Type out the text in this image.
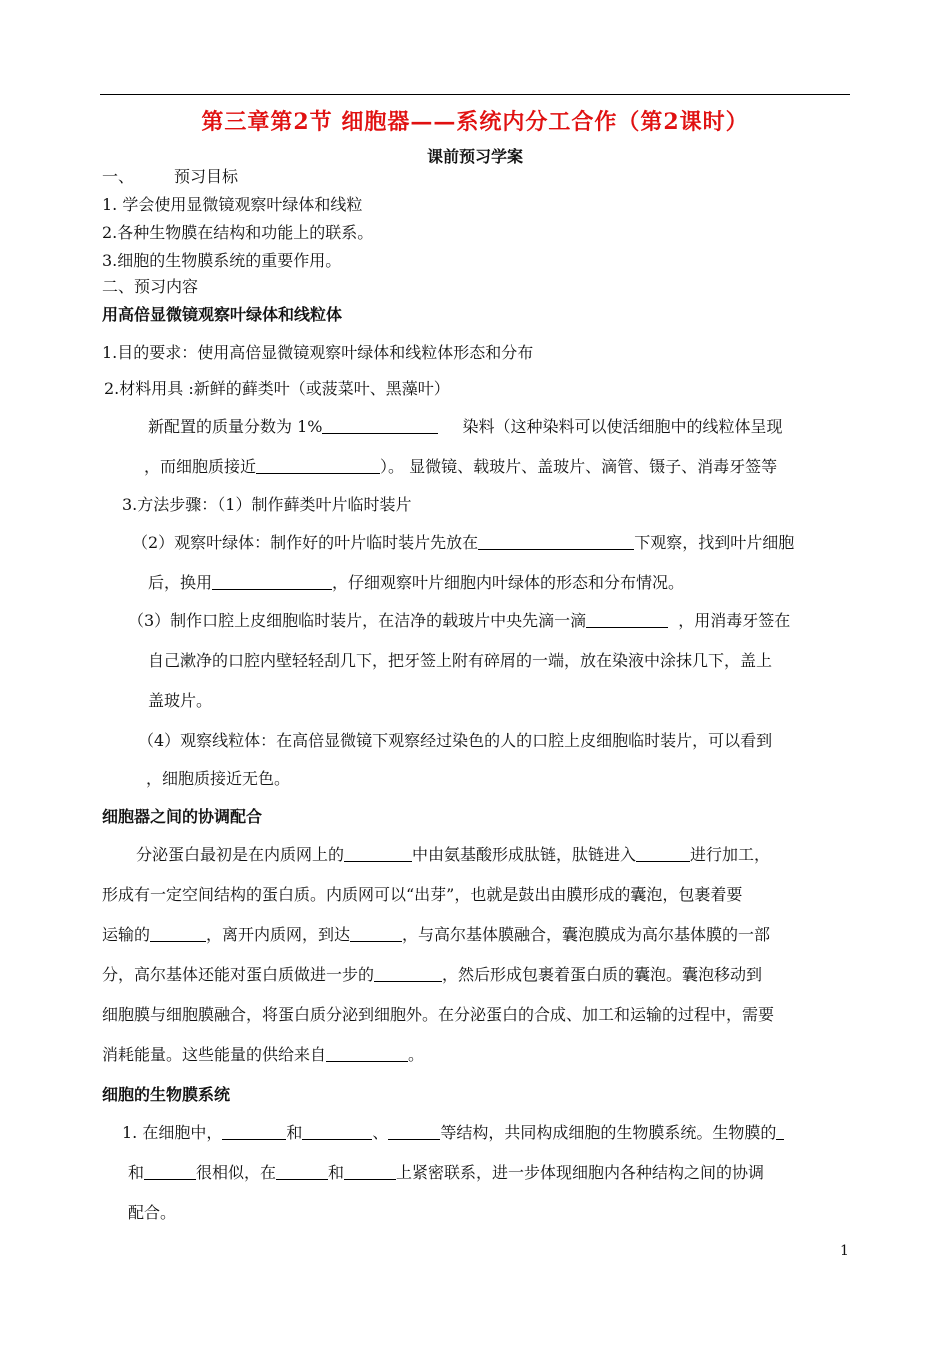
第三章第2节 细胞器——系统内分工合作（第2课时）
课前预习学案
一、	预习目标
1. 学会使用显微镜观察叶绿体和线粒
2.各种生物膜在结构和功能上的联系。
3.细胞的生物膜系统的重要作用。
二、预习内容
用高倍显微镜观察叶绿体和线粒体
1.目的要求：使用高倍显微镜观察叶绿体和线粒体形态和分布
2.材料用具 :新鲜的藓类叶（或菠菜叶、黑藻叶）
新配置的质量分数为 1%	染料（这种染料可以使活细胞中的线粒体呈现
，而细胞质接近	）。 显微镜、载玻片、盖玻片、滴管、镊子、消毒牙签等
3.方法步骤：（1）制作藓类叶片临时装片
（2）观察叶绿体：制作好的叶片临时装片先放在	下观察，找到叶片细胞
后，换用	，仔细观察叶片细胞内叶绿体的形态和分布情况。
（3）制作口腔上皮细胞临时装片，在洁净的载玻片中央先滴一滴	，用消毒牙签在
自己漱净的口腔内壁轻轻刮几下，把牙签上附有碎屑的一端，放在染液中涂抹几下，盖上
盖玻片。
（4）观察线粒体：在高倍显微镜下观察经过染色的人的口腔上皮细胞临时装片，可以看到
，细胞质接近无色。
细胞器之间的协调配合
分泌蛋白最初是在内质网上的	中由氨基酸形成肽链，肽链进入	进行加工，
形成有一定空间结构的蛋白质。内质网可以“出芽”，也就是鼓出由膜形成的囊泡，包裹着要
运输的	，离开内质网，到达	，与高尔基体膜融合，囊泡膜成为高尔基体膜的一部
分，高尔基体还能对蛋白质做进一步的	，然后形成包裹着蛋白质的囊泡。囊泡移动到
细胞膜与细胞膜融合，将蛋白质分泌到细胞外。在分泌蛋白的合成、加工和运输的过程中，需要
消耗能量。这些能量的供给来自	。
细胞的生物膜系统
1. 在细胞中，	和	、	等结构，共同构成细胞的生物膜系统。生物膜的
和	很相似，在	和	上紧密联系，进一步体现细胞内各种结构之间的协调
配合。
1
